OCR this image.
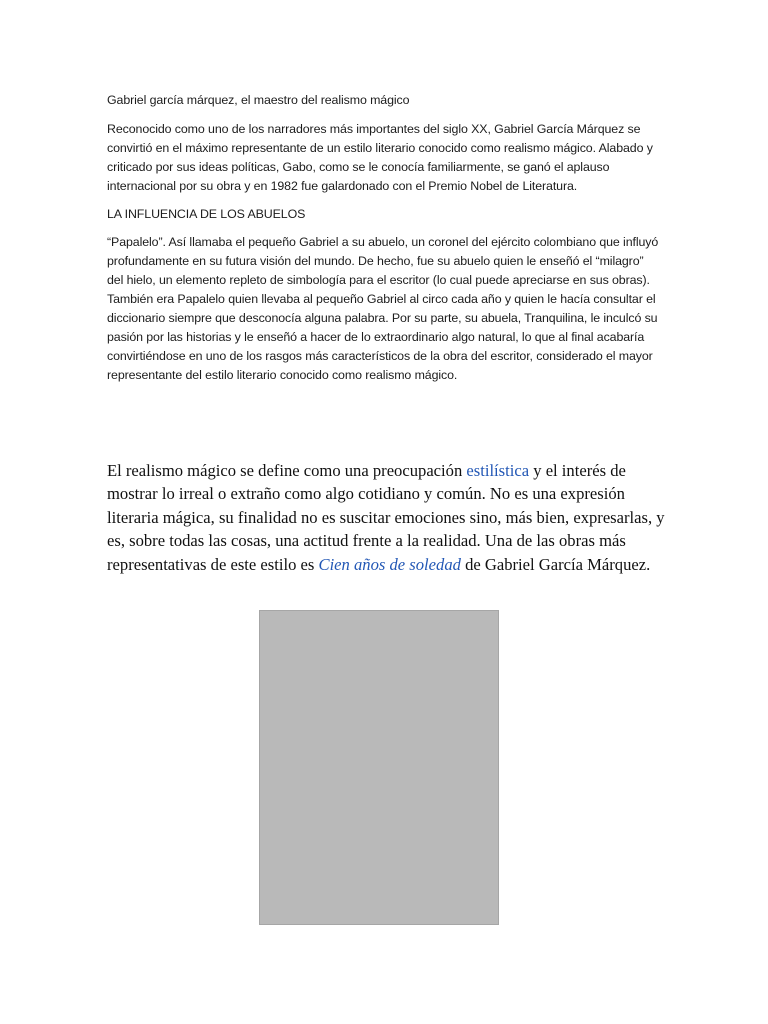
Gabriel garcía márquez, el maestro del realismo mágico

Reconocido como uno de los narradores más importantes del siglo XX, Gabriel García Márquez se convirtió en el máximo representante de un estilo literario conocido como realismo mágico. Alabado y criticado por sus ideas políticas, Gabo, como se le conocía familiarmente, se ganó el aplauso internacional por su obra y en 1982 fue galardonado con el Premio Nobel de Literatura.

LA INFLUENCIA DE LOS ABUELOS

“Papalelo”. Así llamaba el pequeño Gabriel a su abuelo, un coronel del ejército colombiano que influyó profundamente en su futura visión del mundo. De hecho, fue su abuelo quien le enseñó el “milagro” del hielo, un elemento repleto de simbología para el escritor (lo cual puede apreciarse en sus obras). También era Papalelo quien llevaba al pequeño Gabriel al circo cada año y quien le hacía consultar el diccionario siempre que desconocía alguna palabra. Por su parte, su abuela, Tranquilina, le inculcó su pasión por las historias y le enseñó a hacer de lo extraordinario algo natural, lo que al final acabaría convirtiéndose en uno de los rasgos más característicos de la obra del escritor, considerado el mayor representante del estilo literario conocido como realismo mágico.

El realismo mágico se define como una preocupación estilística y el interés de mostrar lo irreal o extraño como algo cotidiano y común. No es una expresión literaria mágica, su finalidad no es suscitar emociones sino, más bien, expresarlas, y es, sobre todas las cosas, una actitud frente a la realidad. Una de las obras más representativas de este estilo es Cien años de soledad de Gabriel García Márquez.
